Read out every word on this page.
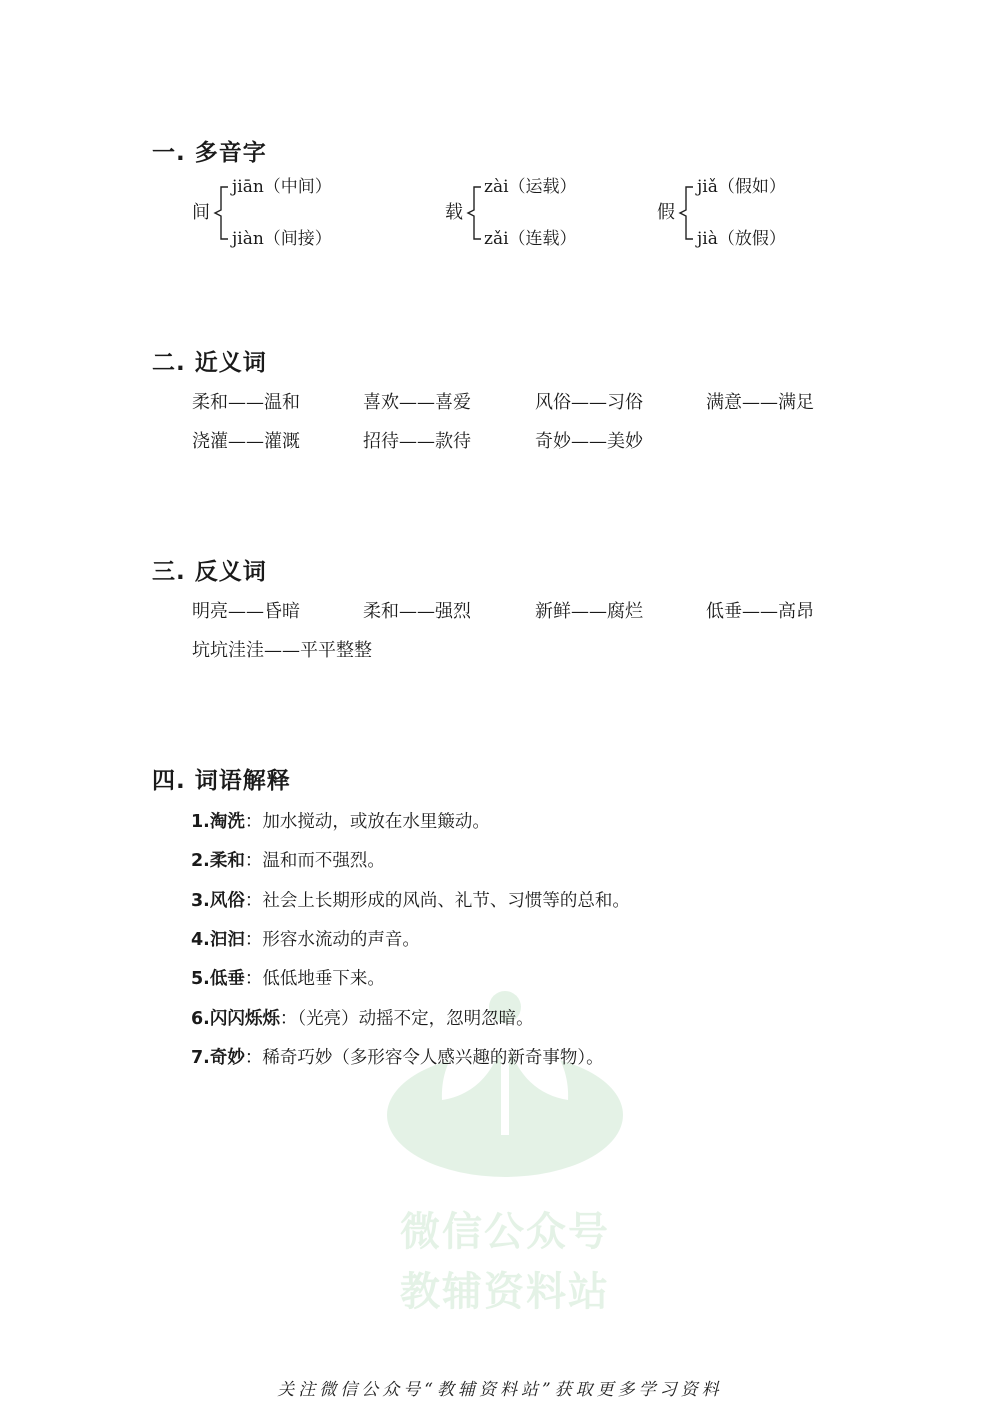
微信公众号
教辅资料站
一. 多音字
间
jiān（中间）
jiàn（间接）
载
zài（运载）
zǎi（连载）
假
jiǎ（假如）
jià（放假）
二. 近义词
柔和——温和	喜欢——喜爱	风俗——习俗	满意——满足
浇灌——灌溉	招待——款待	奇妙——美妙
三. 反义词
明亮——昏暗	柔和——强烈	新鲜——腐烂	低垂——高昂
坑坑洼洼——平平整整
四. 词语解释
1.淘洗：加水搅动，或放在水里簸动。
2.柔和：温和而不强烈。
3.风俗：社会上长期形成的风尚、礼节、习惯等的总和。
4.汩汩：形容水流动的声音。
5.低垂：低低地垂下来。
6.闪闪烁烁：（光亮）动摇不定，忽明忽暗。
7.奇妙：稀奇巧妙（多形容令人感兴趣的新奇事物）。
关注微信公众号“教辅资料站”获取更多学习资料
